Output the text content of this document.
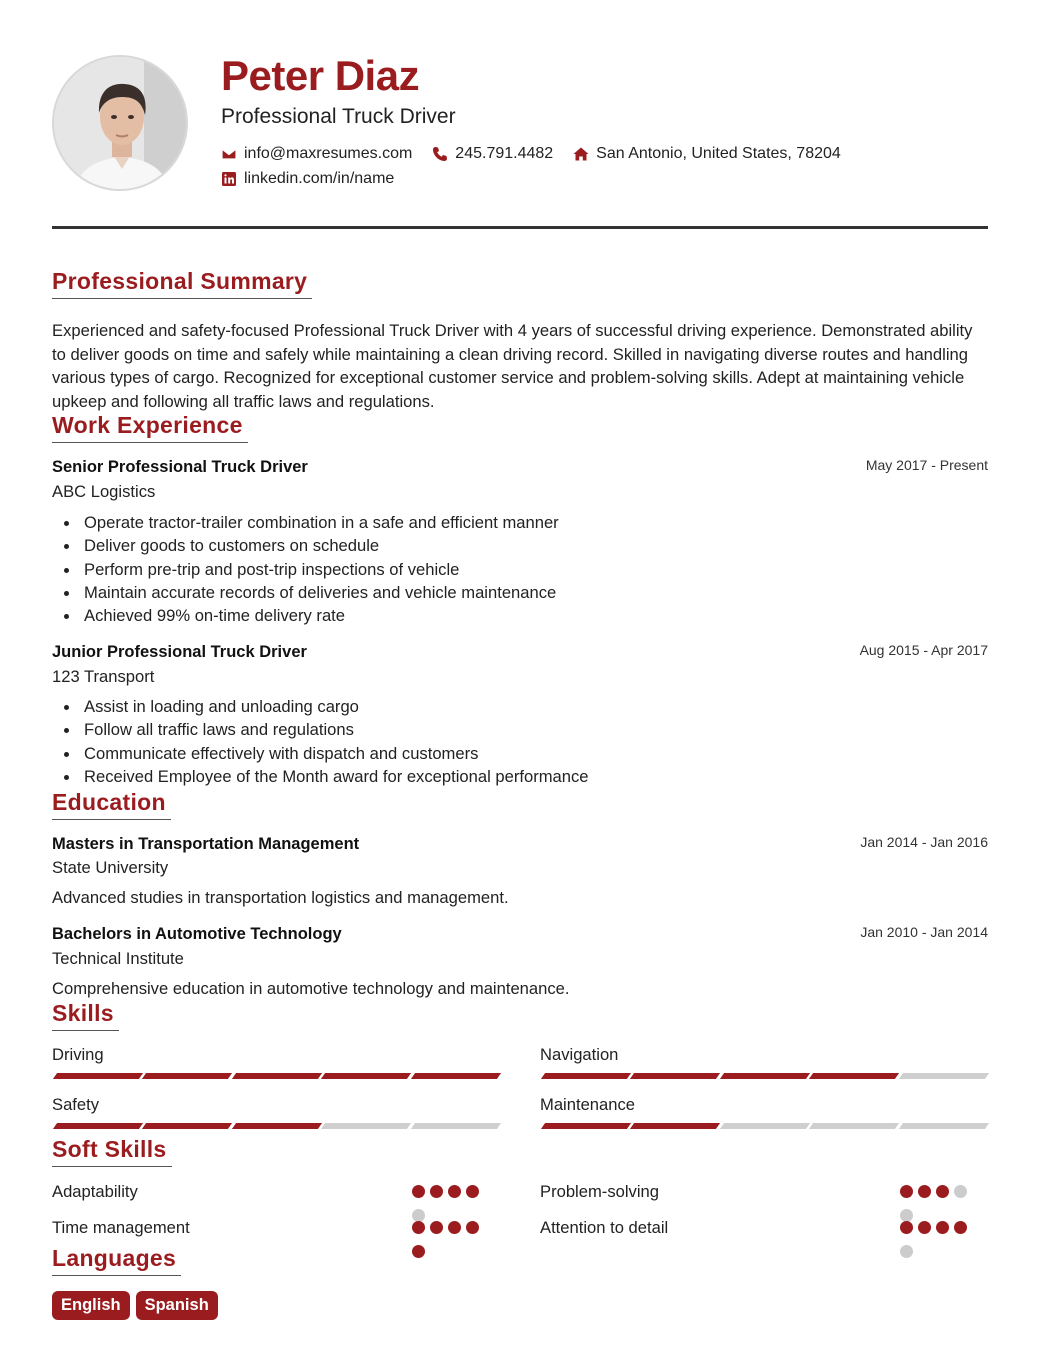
Peter Diaz
Professional Truck Driver
info@maxresumes.com	245.791.4482	San Antonio, United States, 78204
linkedin.com/in/name
Professional Summary
Experienced and safety-focused Professional Truck Driver with 4 years of successful driving experience. Demonstrated ability to deliver goods on time and safely while maintaining a clean driving record. Skilled in navigating diverse routes and handling various types of cargo. Recognized for exceptional customer service and problem-solving skills. Adept at maintaining vehicle upkeep and following all traffic laws and regulations.
Work Experience
Senior Professional Truck Driver	May 2017 - Present
ABC Logistics
Operate tractor-trailer combination in a safe and efficient manner
Deliver goods to customers on schedule
Perform pre-trip and post-trip inspections of vehicle
Maintain accurate records of deliveries and vehicle maintenance
Achieved 99% on-time delivery rate
Junior Professional Truck Driver	Aug 2015 - Apr 2017
123 Transport
Assist in loading and unloading cargo
Follow all traffic laws and regulations
Communicate effectively with dispatch and customers
Received Employee of the Month award for exceptional performance
Education
Masters in Transportation Management	Jan 2014 - Jan 2016
State University
Advanced studies in transportation logistics and management.
Bachelors in Automotive Technology	Jan 2010 - Jan 2014
Technical Institute
Comprehensive education in automotive technology and maintenance.
Skills
Driving	Navigation
Safety	Maintenance
Soft Skills
Adaptability	Problem-solving
Time management	Attention to detail
Languages
English	Spanish
